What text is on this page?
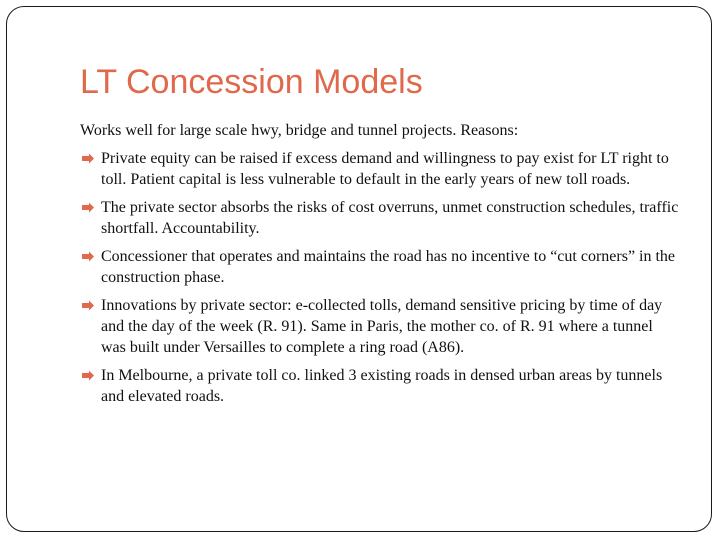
LT Concession Models

Works well for large scale hwy, bridge and tunnel projects. Reasons:

Private equity can be raised if excess demand and willingness to pay exist for LT right to toll. Patient capital is less vulnerable to default in the early years of new toll roads.
The private sector absorbs the risks of cost overruns, unmet construction schedules, traffic shortfall. Accountability.
Concessioner that operates and maintains the road has no incentive to “cut corners” in the construction phase.
Innovations by private sector: e-collected tolls, demand sensitive pricing by time of day and the day of the week (R. 91). Same in Paris, the mother co. of R. 91 where a tunnel was built under Versailles to complete a ring road (A86).
In Melbourne, a private toll co. linked 3 existing roads in densed urban areas by tunnels and elevated roads.
